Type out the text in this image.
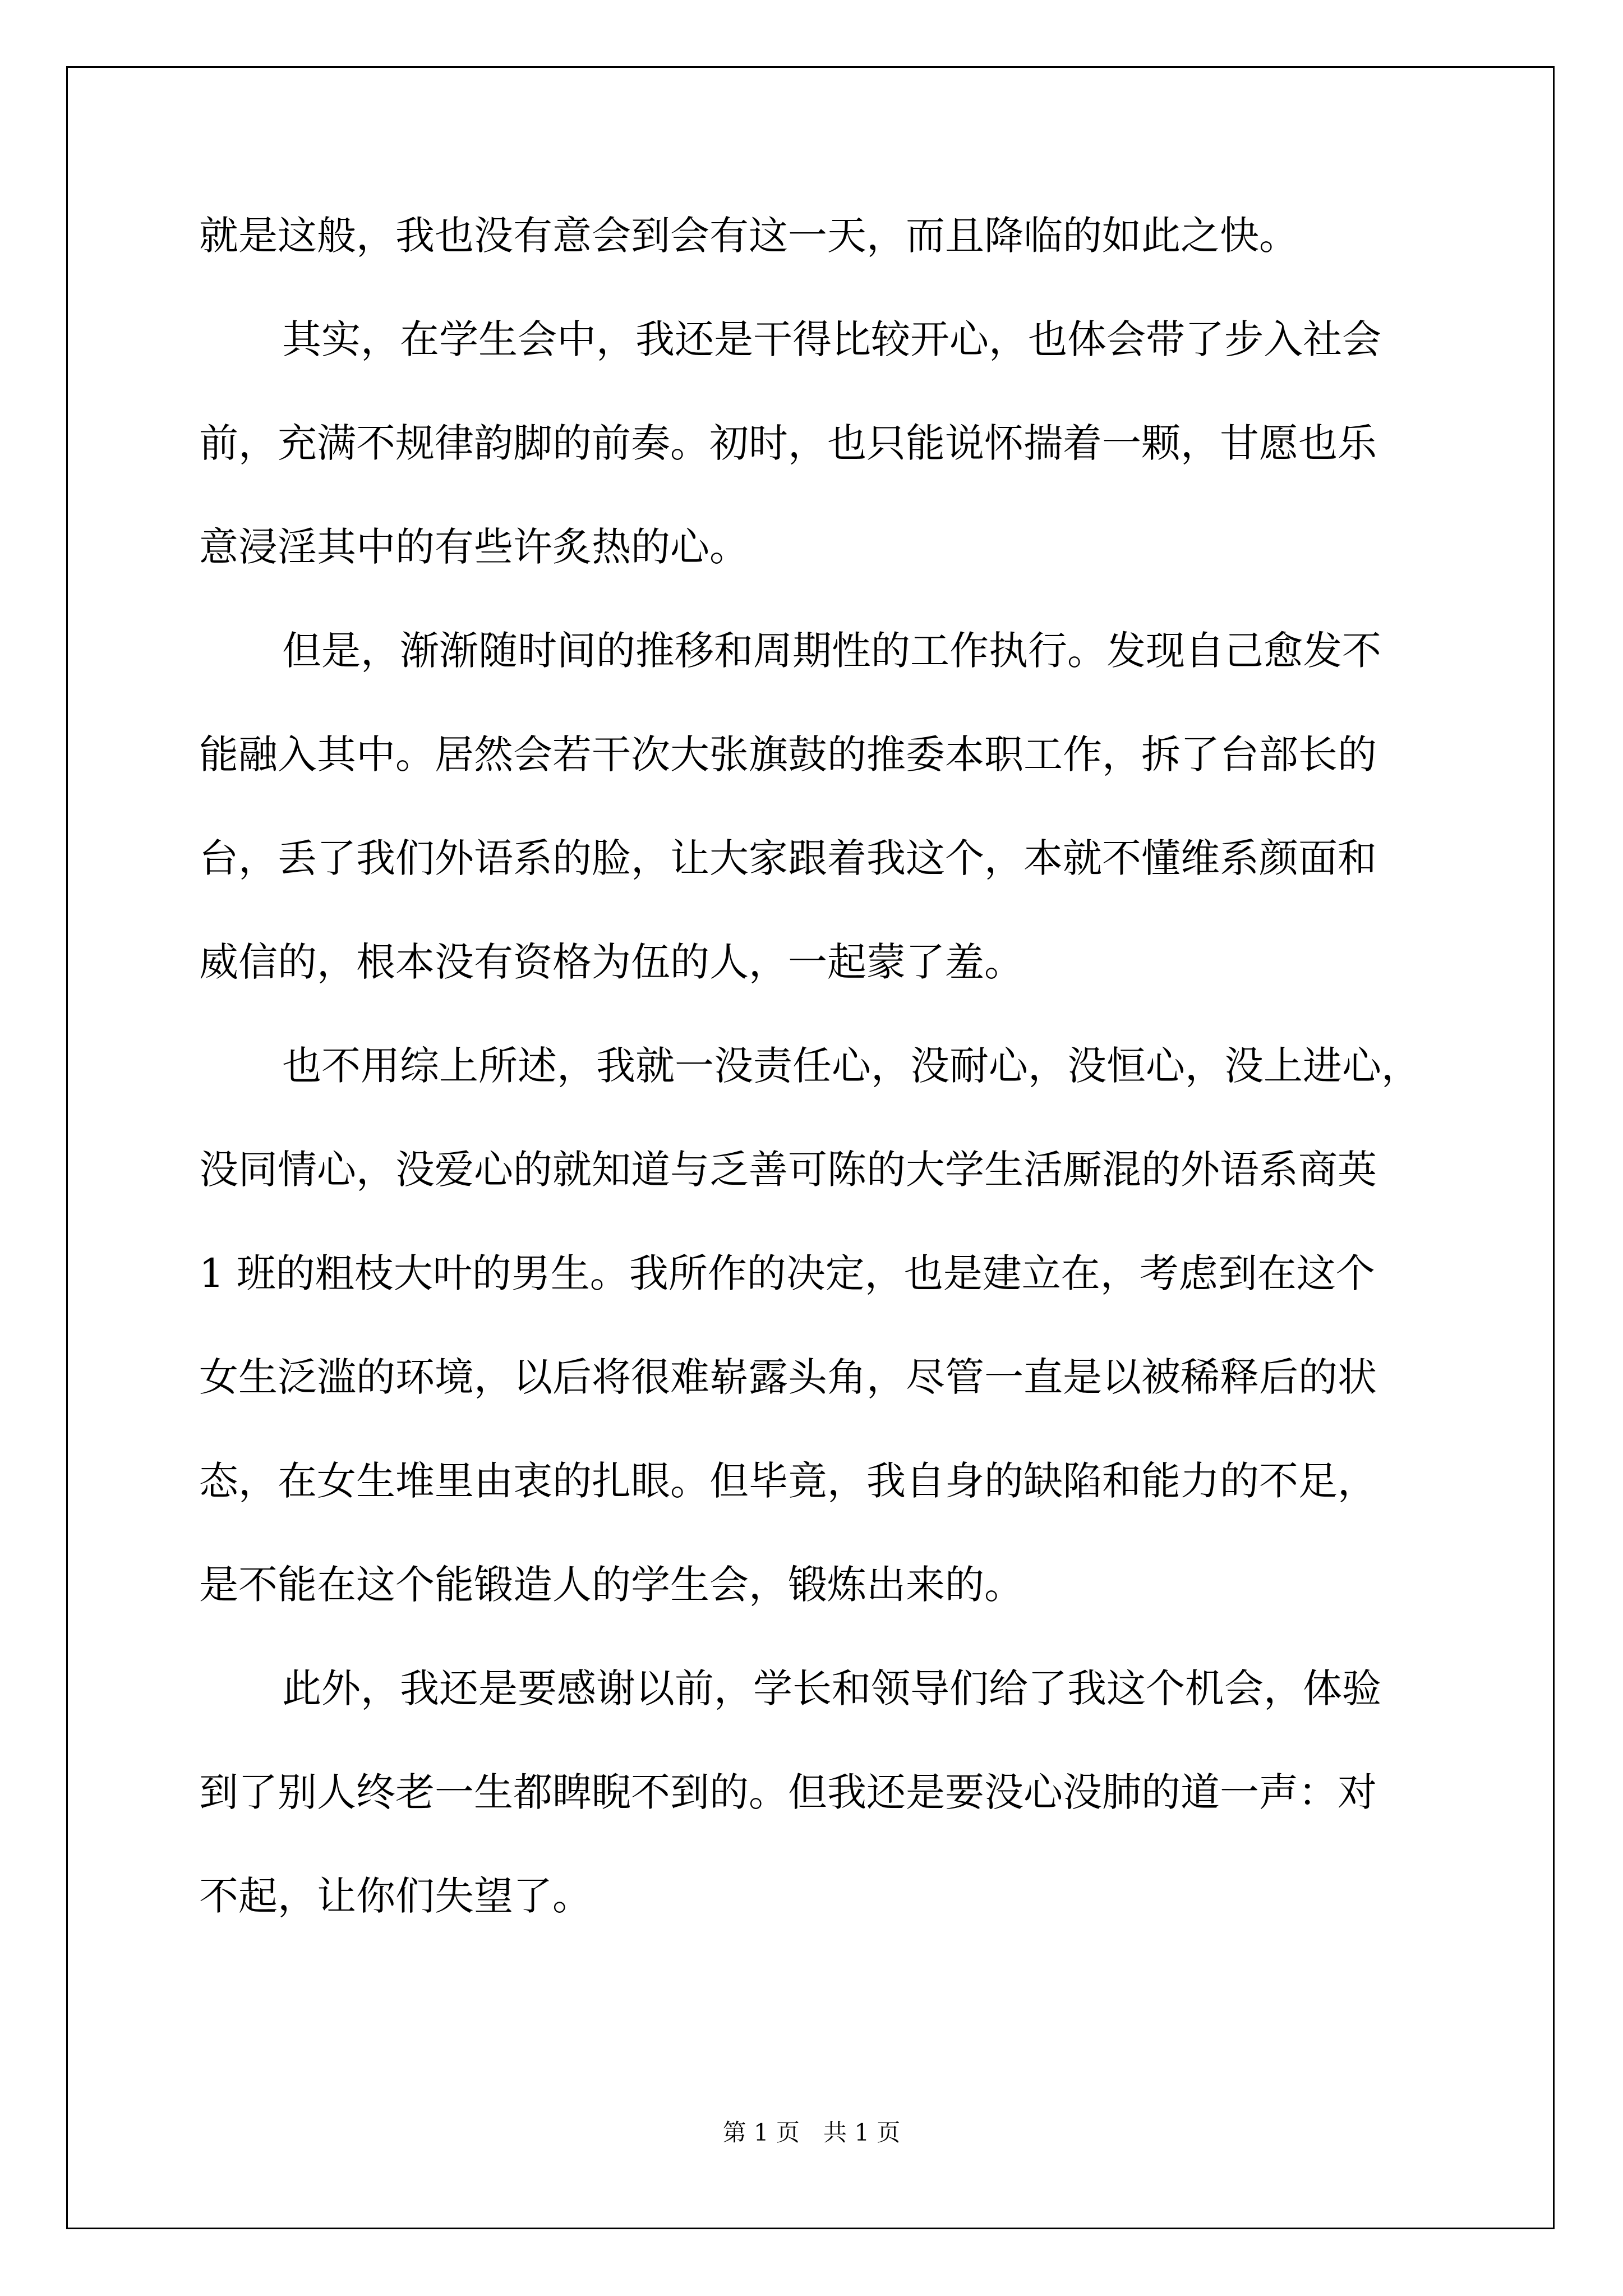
就是这般，我也没有意会到会有这一天，而且降临的如此之快。
其实，在学生会中，我还是干得比较开心，也体会带了步入社会
前，充满不规律韵脚的前奏。初时，也只能说怀揣着一颗，甘愿也乐
意浸淫其中的有些许炙热的心。
但是，渐渐随时间的推移和周期性的工作执行。发现自己愈发不
能融入其中。居然会若干次大张旗鼓的推委本职工作，拆了台部长的
台，丢了我们外语系的脸，让大家跟着我这个，本就不懂维系颜面和
威信的，根本没有资格为伍的人，一起蒙了羞。
也不用综上所述，我就一没责任心，没耐心，没恒心，没上进心，
没同情心，没爱心的就知道与乏善可陈的大学生活厮混的外语系商英
1 班的粗枝大叶的男生。我所作的决定，也是建立在，考虑到在这个
女生泛滥的环境，以后将很难崭露头角，尽管一直是以被稀释后的状
态，在女生堆里由衷的扎眼。但毕竟，我自身的缺陷和能力的不足，
是不能在这个能锻造人的学生会，锻炼出来的。
此外，我还是要感谢以前，学长和领导们给了我这个机会，体验
到了别人终老一生都睥睨不到的。但我还是要没心没肺的道一声：对
不起，让你们失望了。
第 1 页　共 1 页
